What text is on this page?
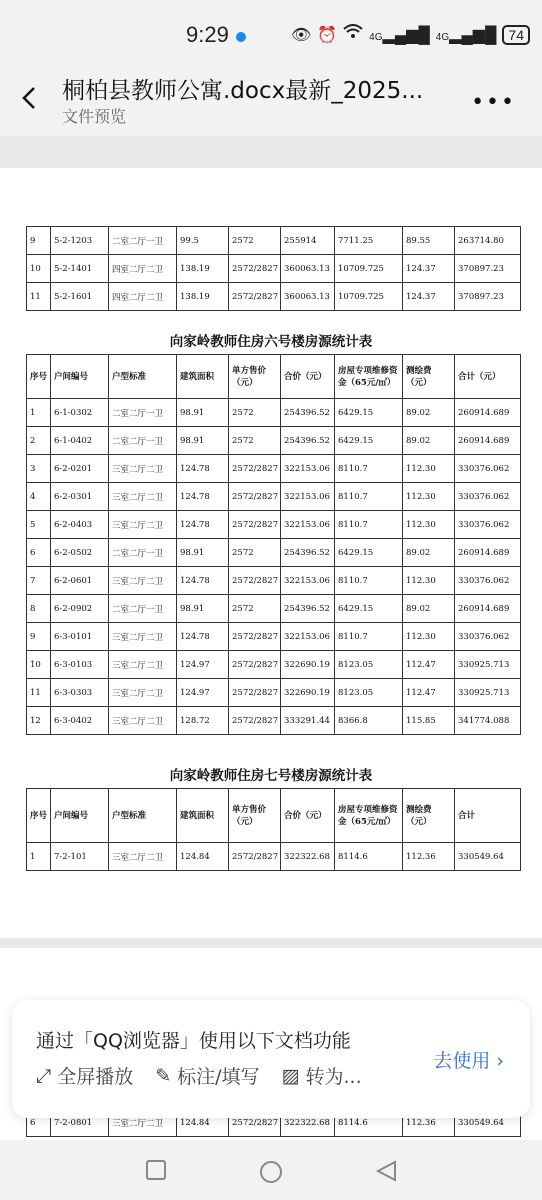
9:29	👁 ⏰	4G▂▄▆█ 4G▂▄▆█ 74
桐柏县教师公寓.docx最新_2025...
文件预览
•••
9	5-2-1203	二室二厅一卫	99.5	2572	255914	7711.25	89.55	263714.80
10	5-2-1401	四室二厅二卫	138.19	2572/2827	360063.13	10709.725	124.37	370897.23
11	5-2-1601	四室二厅二卫	138.19	2572/2827	360063.13	10709.725	124.37	370897.23
向家岭教师住房六号楼房源统计表
序号	户间编号	户型标准	建筑面积	单方售价（元）	合价（元）	房屋专项维修资金（65元/㎡）	测绘费（元）	合计（元）
1	6-1-0302	二室二厅一卫	98.91	2572	254396.52	6429.15	89.02	260914.689
2	6-1-0402	二室二厅一卫	98.91	2572	254396.52	6429.15	89.02	260914.689
3	6-2-0201	三室二厅二卫	124.78	2572/2827	322153.06	8110.7	112.30	330376.062
4	6-2-0301	三室二厅二卫	124.78	2572/2827	322153.06	8110.7	112.30	330376.062
5	6-2-0403	三室二厅二卫	124.78	2572/2827	322153.06	8110.7	112.30	330376.062
6	6-2-0502	二室二厅一卫	98.91	2572	254396.52	6429.15	89.02	260914.689
7	6-2-0601	三室二厅二卫	124.78	2572/2827	322153.06	8110.7	112.30	330376.062
8	6-2-0902	二室二厅一卫	98.91	2572	254396.52	6429.15	89.02	260914.689
9	6-3-0101	三室二厅二卫	124.78	2572/2827	322153.06	8110.7	112.30	330376.062
10	6-3-0103	三室二厅二卫	124.97	2572/2827	322690.19	8123.05	112.47	330925.713
11	6-3-0303	三室二厅二卫	124.97	2572/2827	322690.19	8123.05	112.47	330925.713
12	6-3-0402	三室二厅二卫	128.72	2572/2827	333291.44	8366.8	115.85	341774.088
向家岭教师住房七号楼房源统计表
序号	户间编号	户型标准	建筑面积	单方售价（元）	合价（元）	房屋专项维修资金（65元/㎡）	测绘费（元）	合计
1	7-2-101	三室二厅二卫	124.84	2572/2827	322322.68	8114.6	112.36	330549.64
6	7-2-0801	三室二厅二卫	124.84	2572/2827	322322.68	8114.6	112.36	330549.64
通过「QQ浏览器」使用以下文档功能
⤢ 全屏播放 ✎ 标注/填写 ▨ 转为...
去使用 ›
